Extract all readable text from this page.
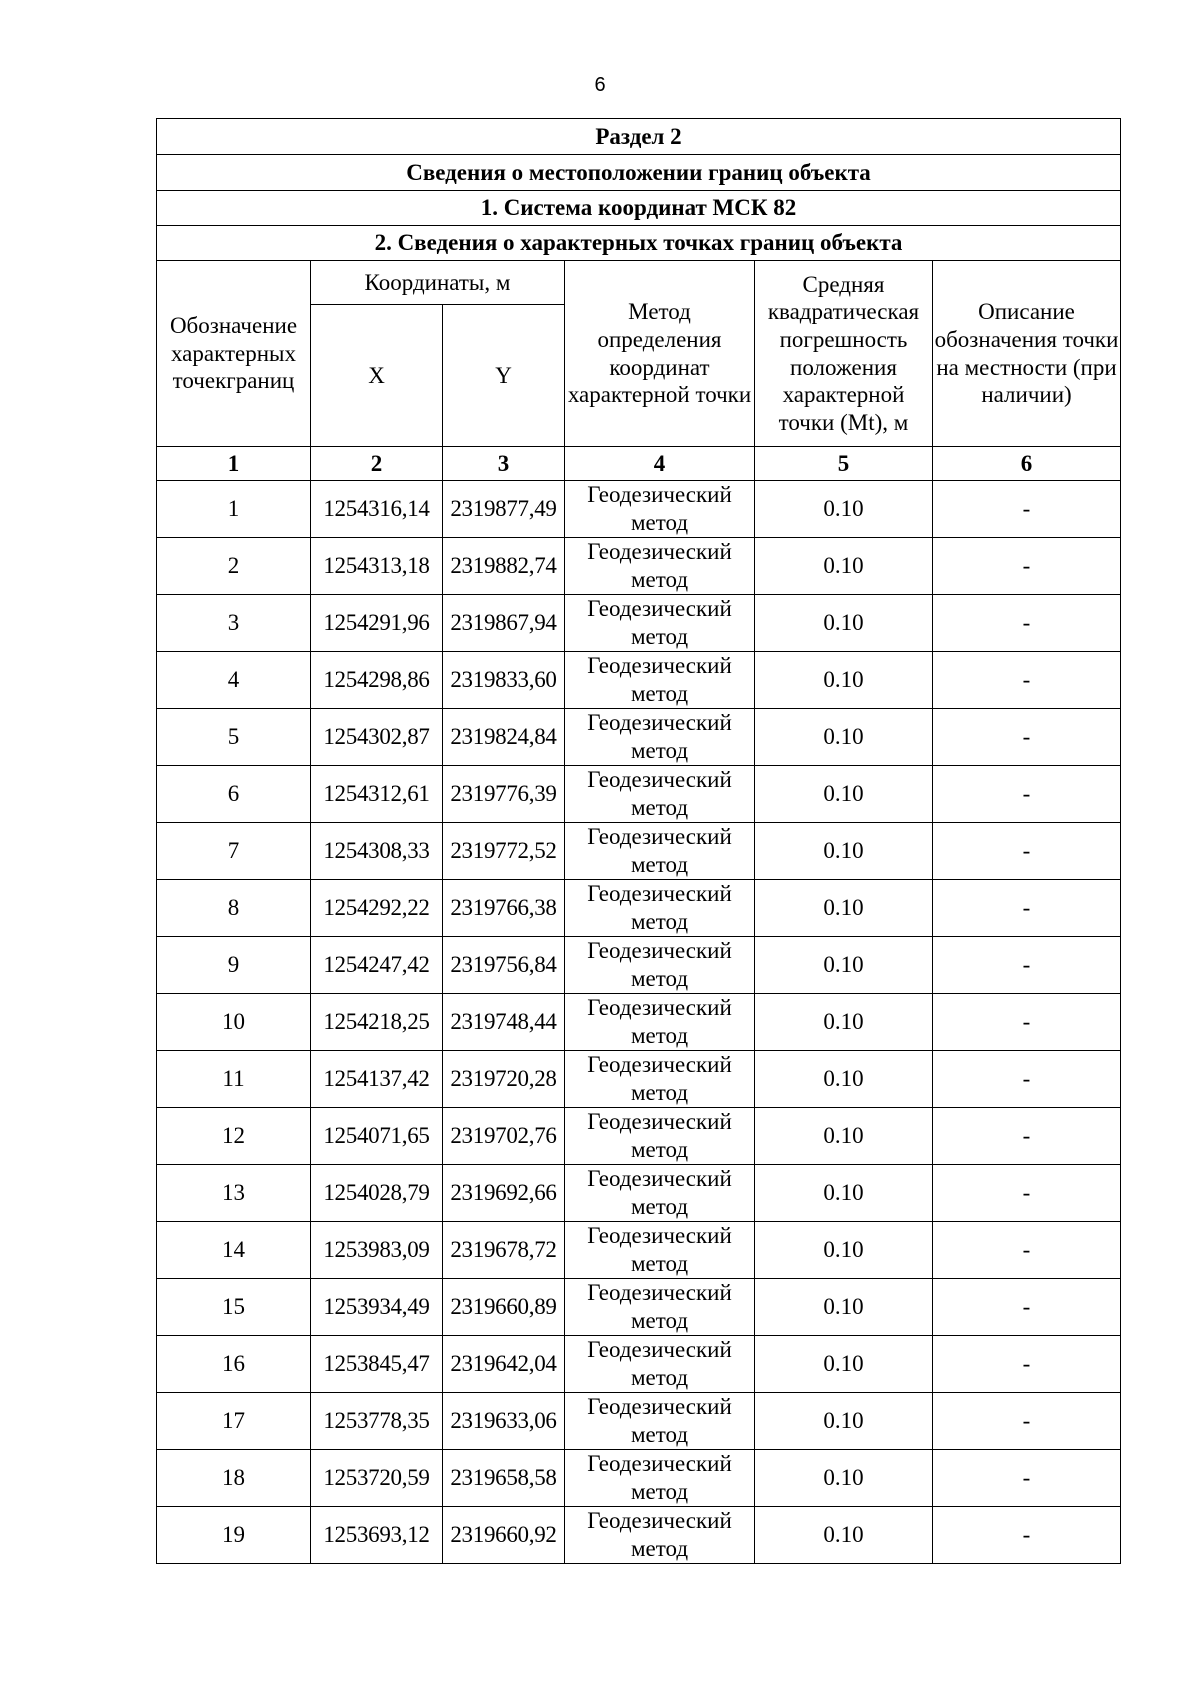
6
Раздел 2					
Сведения о местоположении границ объекта					
1. Система координат МСК 82					
2. Сведения о характерных точках границ объекта					
Обозначение характерных точекграниц	Координаты, м		Метод определения координат характерной точки	Средняя квадратическая погрешность положения характерной точки (Mt), м	Описание обозначения точки на местности (при наличии)
	X	Y			
1	2	3	4	5	6
1	1254316,14	2319877,49	Геодезический метод	0.10	-
2	1254313,18	2319882,74	Геодезический метод	0.10	-
3	1254291,96	2319867,94	Геодезический метод	0.10	-
4	1254298,86	2319833,60	Геодезический метод	0.10	-
5	1254302,87	2319824,84	Геодезический метод	0.10	-
6	1254312,61	2319776,39	Геодезический метод	0.10	-
7	1254308,33	2319772,52	Геодезический метод	0.10	-
8	1254292,22	2319766,38	Геодезический метод	0.10	-
9	1254247,42	2319756,84	Геодезический метод	0.10	-
10	1254218,25	2319748,44	Геодезический метод	0.10	-
11	1254137,42	2319720,28	Геодезический метод	0.10	-
12	1254071,65	2319702,76	Геодезический метод	0.10	-
13	1254028,79	2319692,66	Геодезический метод	0.10	-
14	1253983,09	2319678,72	Геодезический метод	0.10	-
15	1253934,49	2319660,89	Геодезический метод	0.10	-
16	1253845,47	2319642,04	Геодезический метод	0.10	-
17	1253778,35	2319633,06	Геодезический метод	0.10	-
18	1253720,59	2319658,58	Геодезический метод	0.10	-
19	1253693,12	2319660,92	Геодезический метод	0.10	-
